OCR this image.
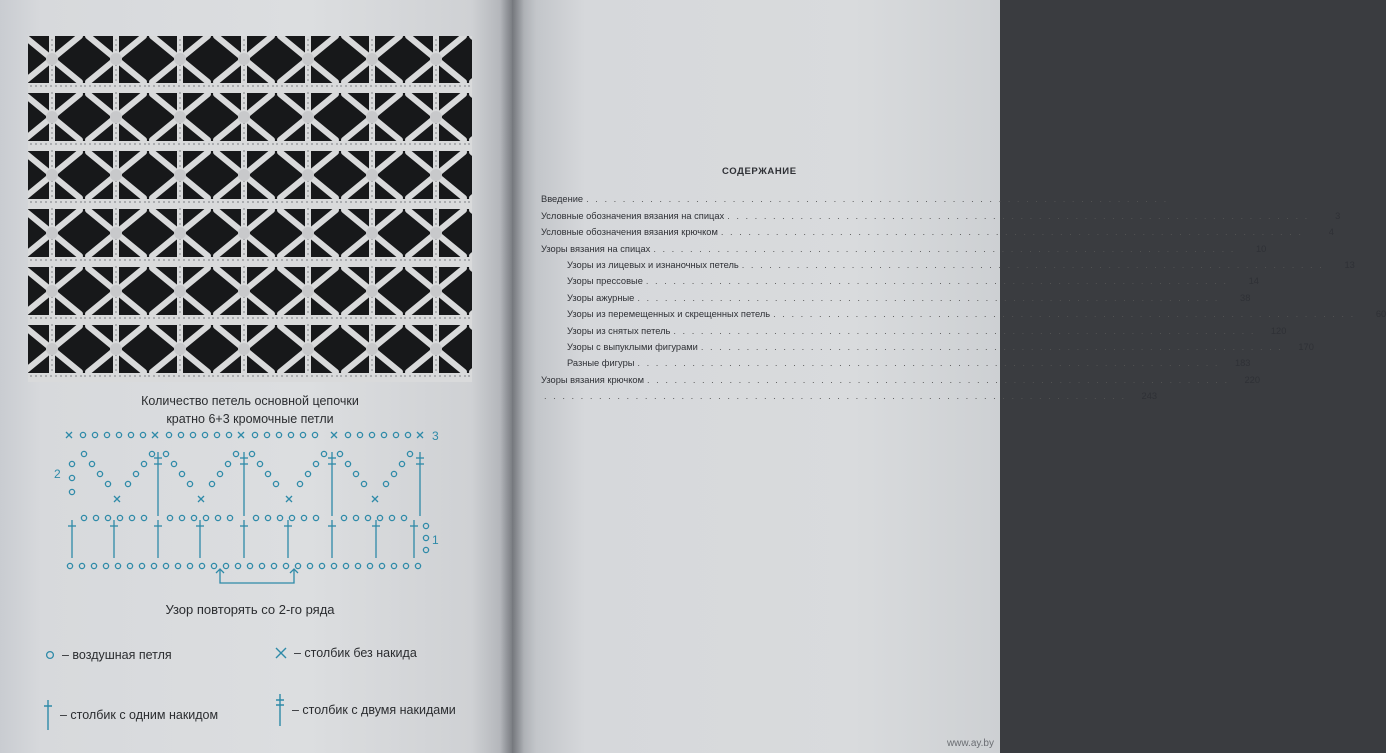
Количество петель основной цепочки
кратно 6+3 кромочные петли
1
2
3
Узор повторять со 2-го ряда
– воздушная петля	– столбик без накида
– столбик с одним накидом	– столбик с двумя накидами
www.ay.by
СОДЕРЖАНИЕ
Введение . . . . . . . . . . . . . . . . . . . . . . . . . . . . . . . . . . . . . . . . . . . . . . . . . . . . . . . . . . . . . . . .
Условные обозначения вязания на спицах . . . . . . . . . . . . . . . . . . . . . . . . . . . . . . . . . . . . . . . . . . . . . . . . . . . . . . . . . . . . . . . .	3
Условные обозначения вязания крючком . . . . . . . . . . . . . . . . . . . . . . . . . . . . . . . . . . . . . . . . . . . . . . . . . . . . . . . . . . . . . . . .	4
Узоры вязания на спицах . . . . . . . . . . . . . . . . . . . . . . . . . . . . . . . . . . . . . . . . . . . . . . . . . . . . . . . . . . . . . . . .	10
Узоры из лицевых и изнаночных петель . . . . . . . . . . . . . . . . . . . . . . . . . . . . . . . . . . . . . . . . . . . . . . . . . . . . . . . . . . . . . . . .	13
Узоры прессовые . . . . . . . . . . . . . . . . . . . . . . . . . . . . . . . . . . . . . . . . . . . . . . . . . . . . . . . . . . . . . . . .	14
Узоры ажурные . . . . . . . . . . . . . . . . . . . . . . . . . . . . . . . . . . . . . . . . . . . . . . . . . . . . . . . . . . . . . . . .	38
Узоры из перемещенных и скрещенных петель . . . . . . . . . . . . . . . . . . . . . . . . . . . . . . . . . . . . . . . . . . . . . . . . . . . . . . . . . . . . . . . .	60
Узоры из снятых петель . . . . . . . . . . . . . . . . . . . . . . . . . . . . . . . . . . . . . . . . . . . . . . . . . . . . . . . . . . . . . . . .	120
Узоры с выпуклыми фигурами . . . . . . . . . . . . . . . . . . . . . . . . . . . . . . . . . . . . . . . . . . . . . . . . . . . . . . . . . . . . . . . .	170
Разные фигуры . . . . . . . . . . . . . . . . . . . . . . . . . . . . . . . . . . . . . . . . . . . . . . . . . . . . . . . . . . . . . . . .	183
Узоры вязания крючком . . . . . . . . . . . . . . . . . . . . . . . . . . . . . . . . . . . . . . . . . . . . . . . . . . . . . . . . . . . . . . . .	220
. . . . . . . . . . . . . . . . . . . . . . . . . . . . . . . . . . . . . . . . . . . . . . . . . . . . . . . . . . . . . . . .	243
